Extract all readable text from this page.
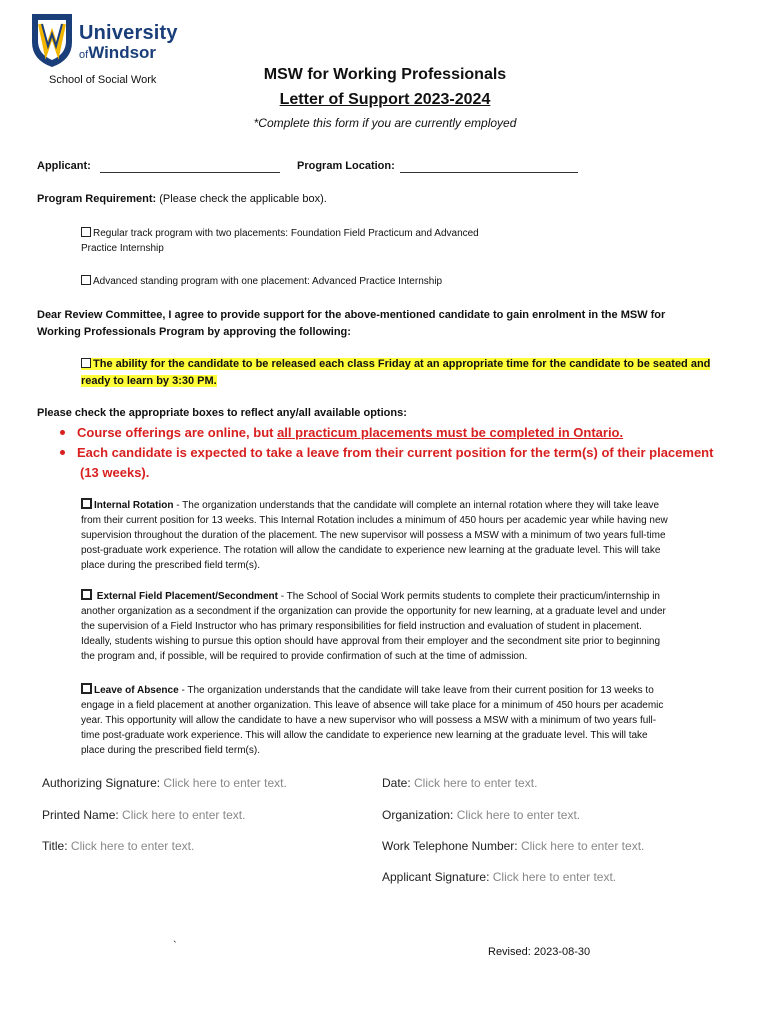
University
ofWindsor
School of Social Work	MSW for Working Professionals
Letter of Support 2023-2024
*Complete this form if you are currently employed
Applicant:	Program Location:
Program Requirement: (Please check the applicable box).
Regular track program with two placements: Foundation Field Practicum and Advanced
Practice Internship
Advanced standing program with one placement: Advanced Practice Internship
Dear Review Committee, I agree to provide support for the above-mentioned candidate to gain enrolment in the MSW for
Working Professionals Program by approving the following:
The ability for the candidate to be released each class Friday at an appropriate time for the candidate to be seated and
ready to learn by 3:30 PM.
Please check the appropriate boxes to reflect any/all available options:
Course offerings are online, but all practicum placements must be completed in Ontario.
Each candidate is expected to take a leave from their current position for the term(s) of their placement
(13 weeks).
Internal Rotation - The organization understands that the candidate will complete an internal rotation where they will take leave
from their current position for 13 weeks. This Internal Rotation includes a minimum of 450 hours per academic year while having new
supervision throughout the duration of the placement. The new supervisor will possess a MSW with a minimum of two years full-time
post-graduate work experience. The rotation will allow the candidate to experience new learning at the graduate level. This will take
place during the prescribed field term(s).
External Field Placement/Secondment - The School of Social Work permits students to complete their practicum/internship in
another organization as a secondment if the organization can provide the opportunity for new learning, at a graduate level and under
the supervision of a Field Instructor who has primary responsibilities for field instruction and evaluation of student in placement.
Ideally, students wishing to pursue this option should have approval from their employer and the secondment site prior to beginning
the program and, if possible, will be required to provide confirmation of such at the time of admission.
Leave of Absence - The organization understands that the candidate will take leave from their current position for 13 weeks to
engage in a field placement at another organization. This leave of absence will take place for a minimum of 450 hours per academic
year. This opportunity will allow the candidate to have a new supervisor who will possess a MSW with a minimum of two years full-
time post-graduate work experience. This will allow the candidate to experience new learning at the graduate level. This will take
place during the prescribed field term(s).
Authorizing Signature: Click here to enter text.	Date: Click here to enter text.
Printed Name: Click here to enter text.	Organization: Click here to enter text.
Title: Click here to enter text.	Work Telephone Number: Click here to enter text.
Applicant Signature: Click here to enter text.
`	Revised: 2023-08-30
